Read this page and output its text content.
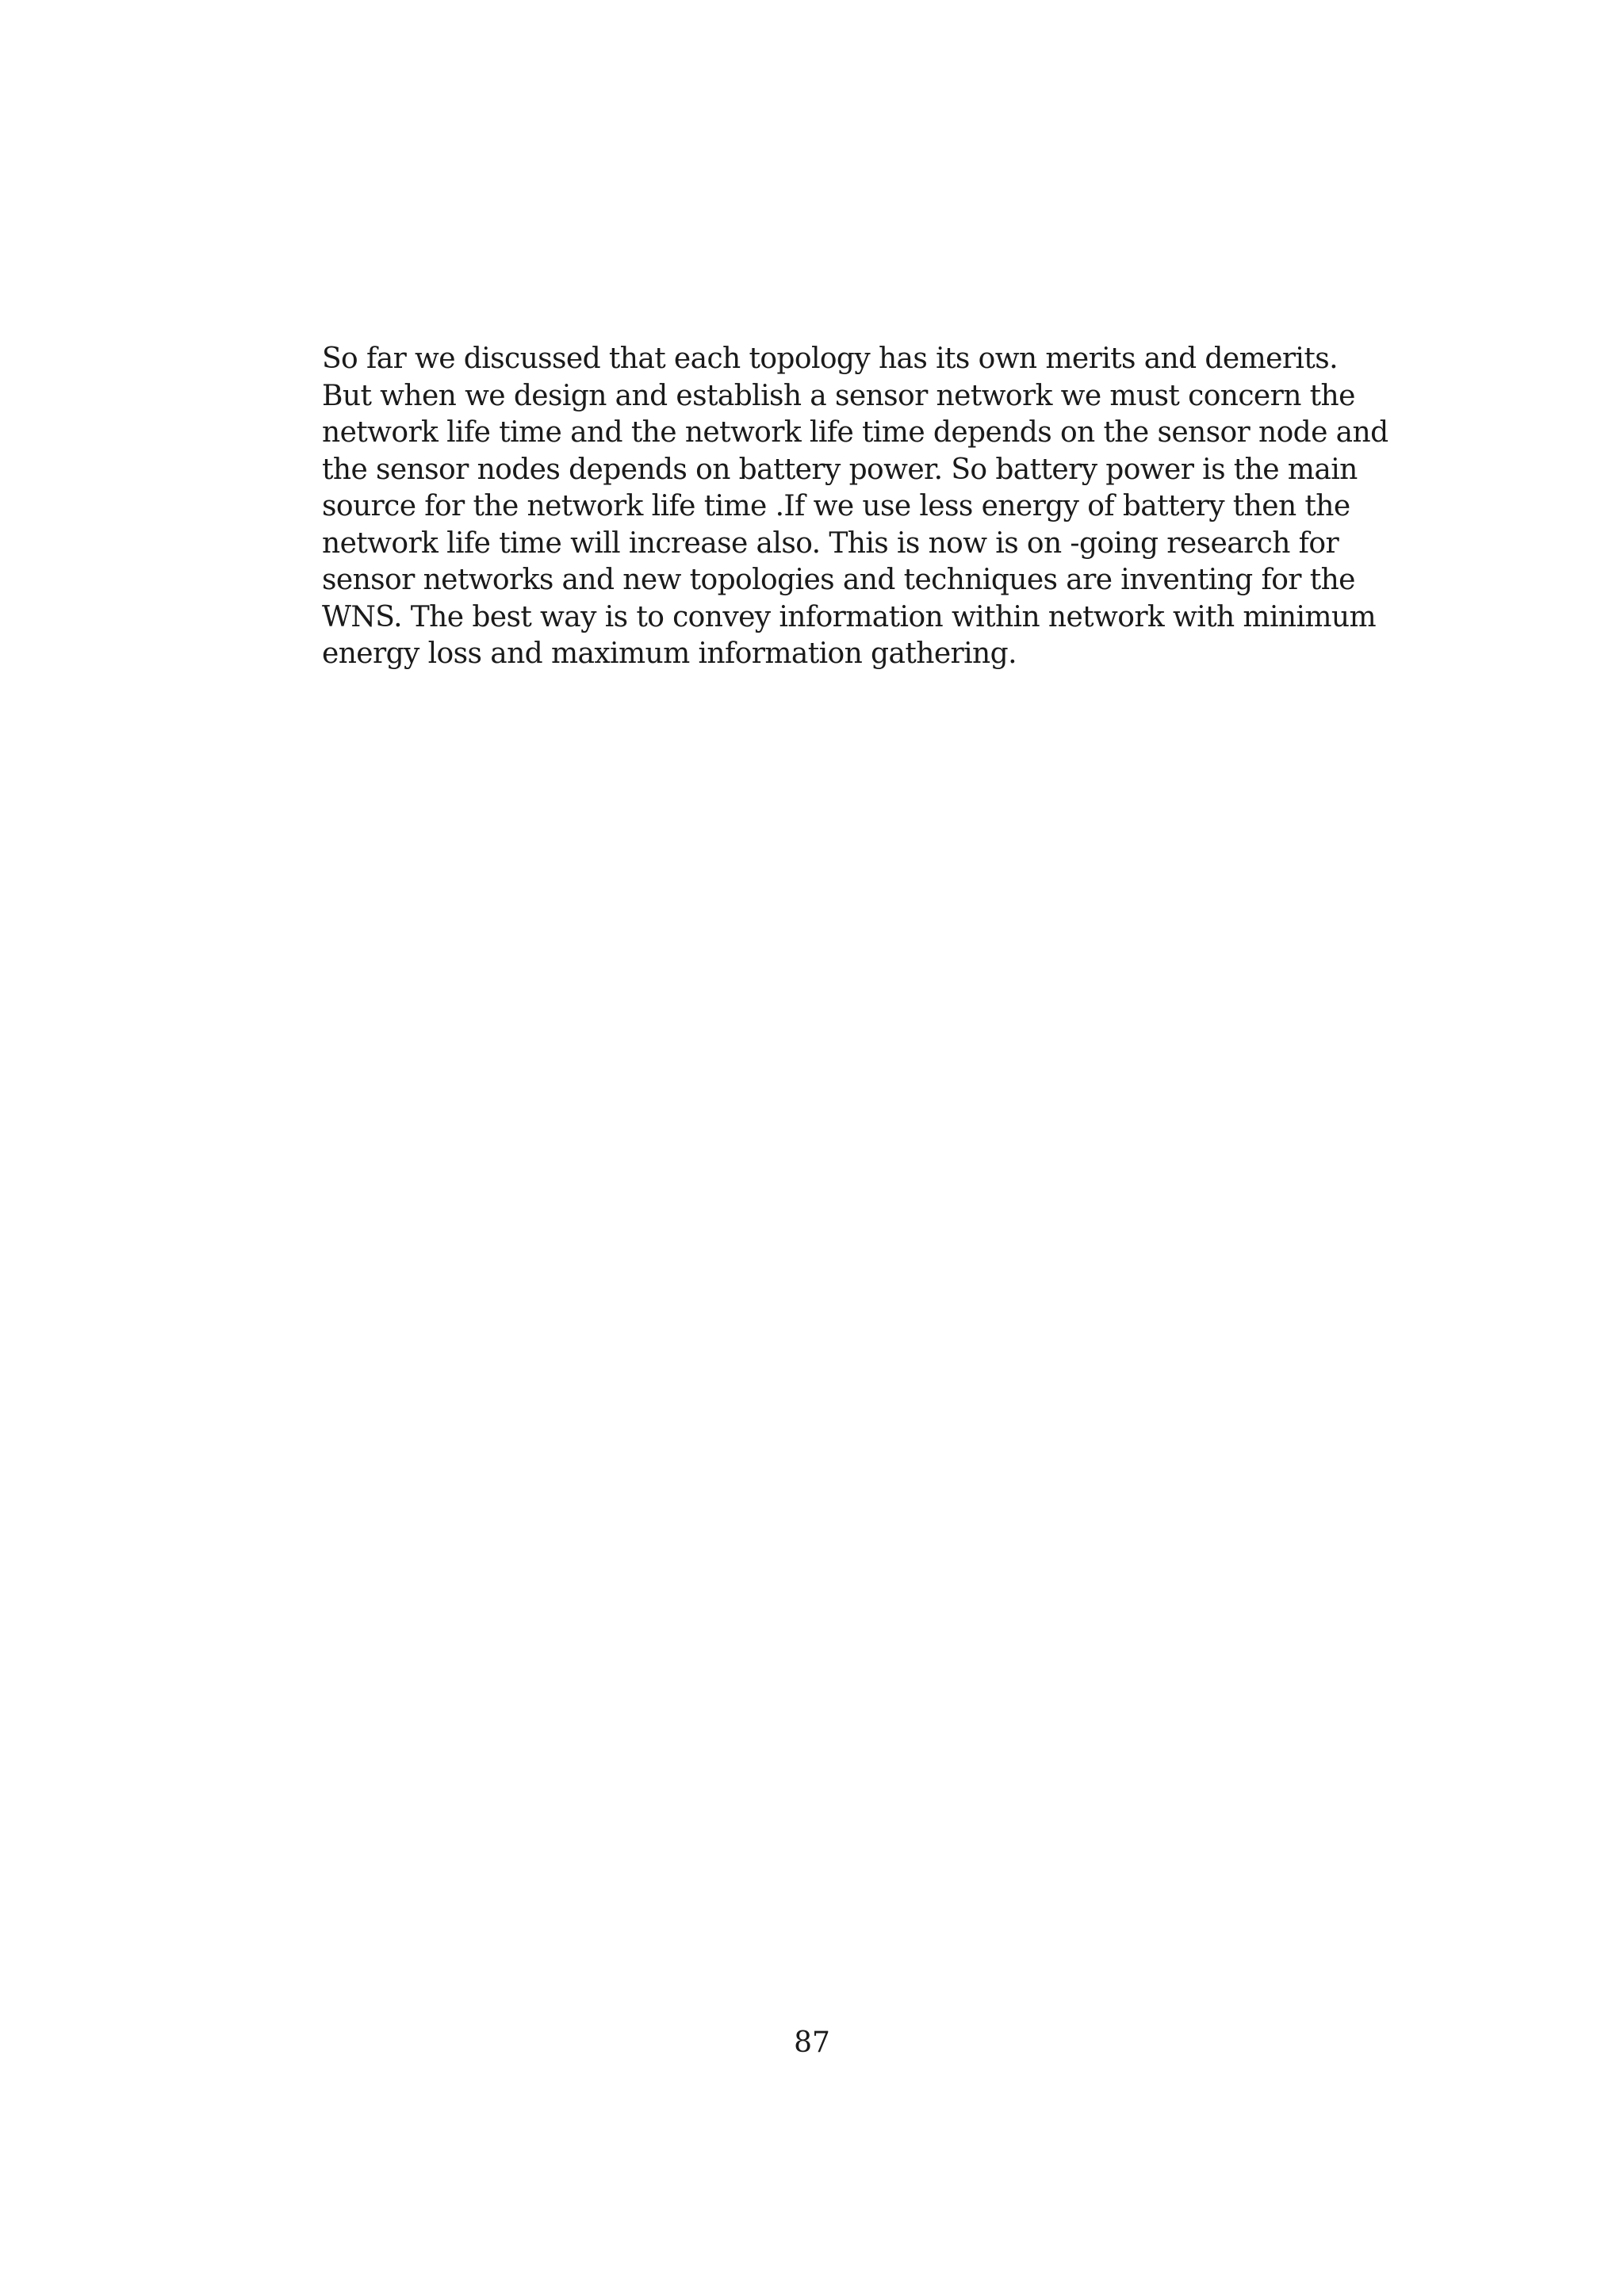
So far we discussed that each topology has its own merits and demerits.
But when we design and establish a sensor network we must concern the
network life time and the network life time depends on the sensor node and
the sensor nodes depends on battery power. So battery power is the main
source for the network life time .If we use less energy of battery then the
network life time will increase also. This is now is on -going research for
sensor networks and new topologies and techniques are inventing for the
WNS. The best way is to convey information within network with minimum
energy loss and maximum information gathering.
87
